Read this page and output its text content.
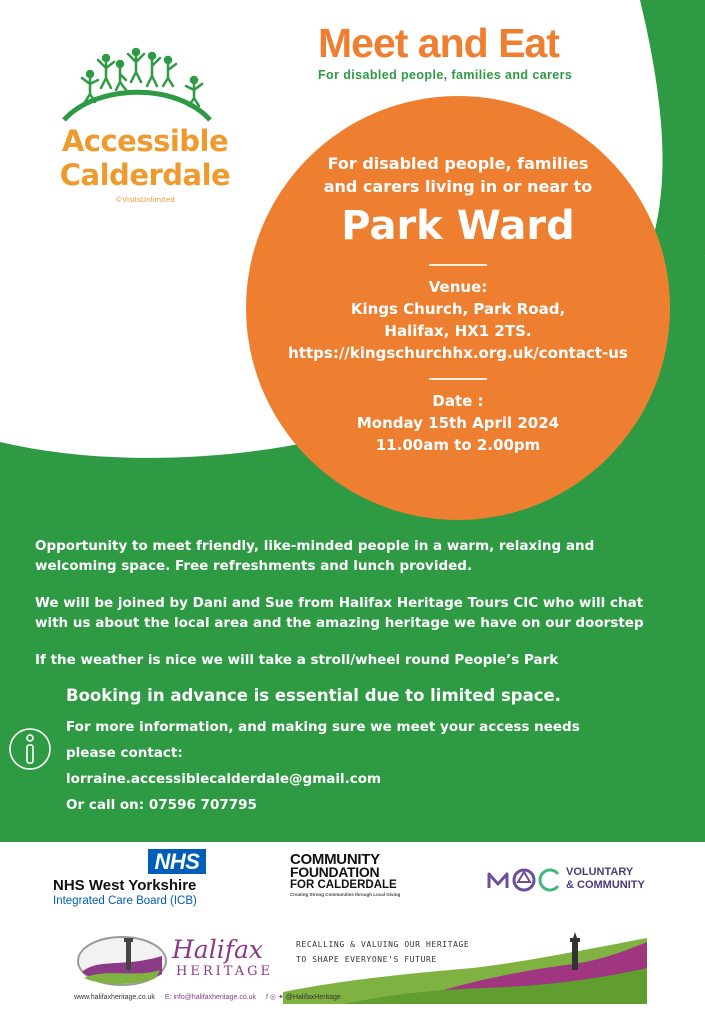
Meet and Eat
For disabled people, families and carers
Accessible
Calderdale
©VisitsUnlimited
For disabled people, families
and carers living in or near to
Park Ward
Venue:
Kings Church, Park Road,
Halifax, HX1 2TS.
https://kingschurchhx.org.uk/contact-us
Date :
Monday 15th April 2024
11.00am to 2.00pm

Opportunity to meet friendly, like-minded people in a warm, relaxing and
welcoming space. Free refreshments and lunch provided.

We will be joined by Dani and Sue from Halifax Heritage Tours CIC who will chat
with us about the local area and the amazing heritage we have on our doorstep

If the weather is nice we will take a stroll/wheel round People’s Park

Booking in advance is essential due to limited space.
For more information, and making sure we meet your access needs
please contact:
lorraine.accessiblecalderdale@gmail.com
Or call on: 07596 707795
NHS
NHS West Yorkshire
Integrated Care Board (ICB)
COMMUNITY
FOUNDATION
FOR CALDERDALE
Creating Strong Communities through Local Giving
VOLUNTARY
& COMMUNITY
Halifax
HERITAGE
RECALLING & VALUING OUR HERITAGE
TO SHAPE EVERYONE'S FUTURE
www.halifaxheritage.co.uk E: info@halifaxheritage.co.uk f ◎ ✦ @HalifaxHeritage
